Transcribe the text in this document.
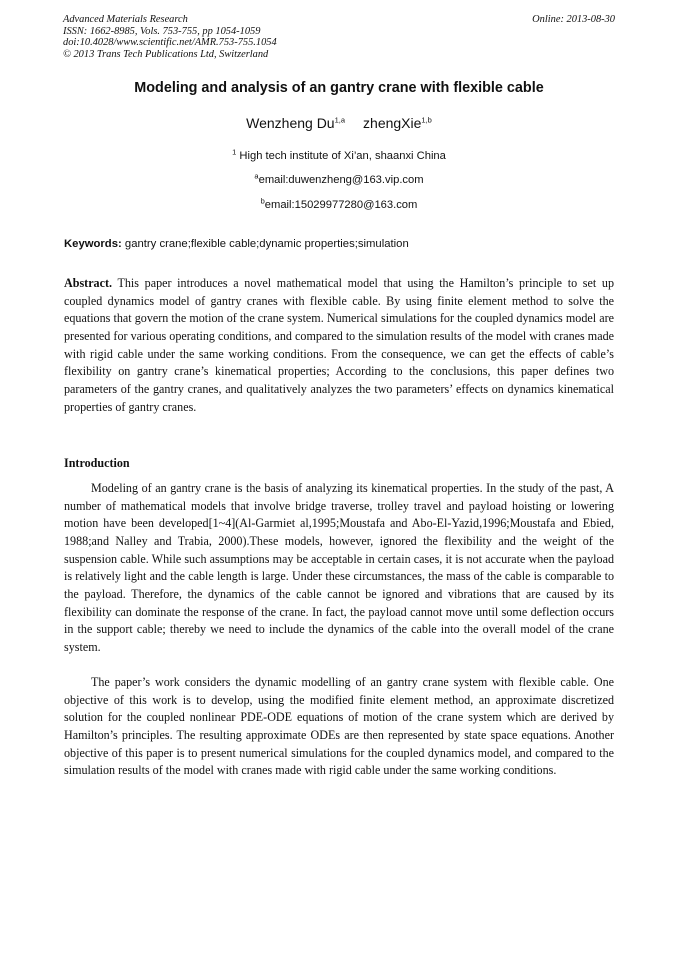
Advanced Materials Research
ISSN: 1662-8985, Vols. 753-755, pp 1054-1059
doi:10.4028/www.scientific.net/AMR.753-755.1054
© 2013 Trans Tech Publications Ltd, Switzerland
Online: 2013-08-30
Modeling and analysis of an gantry crane with flexible cable
Wenzheng Du$^{1,a}$ zhengXie$^{1,b}$
$^1$ High tech institute of Xi’an, shaanxi China
$^a$email:duwenzheng@163.vip.com
$^b$email:15029977280@163.com
Keywords: gantry crane;flexible cable;dynamic properties;simulation
Abstract. This paper introduces a novel mathematical model that using the Hamilton’s principle to set up coupled dynamics model of gantry cranes with flexible cable. By using finite element method to solve the equations that govern the motion of the crane system. Numerical simulations for the coupled dynamics model are presented for various operating conditions, and compared to the simulation results of the model with cranes made with rigid cable under the same working conditions. From the consequence, we can get the effects of cable’s flexibility on gantry crane’s kinematical properties; According to the conclusions, this paper defines two parameters of the gantry cranes, and qualitatively analyzes the two parameters’ effects on dynamics kinematical properties of gantry cranes.
Introduction
Modeling of an gantry crane is the basis of analyzing its kinematical properties. In the study of the past, A number of mathematical models that involve bridge traverse, trolley travel and payload hoisting or lowering motion have been developed[1~4](Al-Garmiet al,1995;Moustafa and Abo-El-Yazid,1996;Moustafa and Ebied, 1988;and Nalley and Trabia, 2000).These models, however, ignored the flexibility and the weight of the suspension cable. While such assumptions may be acceptable in certain cases, it is not accurate when the payload is relatively light and the cable length is large. Under these circumstances, the mass of the cable is comparable to the payload. Therefore, the dynamics of the cable cannot be ignored and vibrations that are caused by its flexibility can dominate the response of the crane. In fact, the payload cannot move until some deflection occurs in the support cable; thereby we need to include the dynamics of the cable into the overall model of the crane system.
The paper’s work considers the dynamic modelling of an gantry crane system with flexible cable. One objective of this work is to develop, using the modified finite element method, an approximate discretized solution for the coupled nonlinear PDE-ODE equations of motion of the crane system which are derived by Hamilton’s principles. The resulting approximate ODEs are then represented by state space equations. Another objective of this paper is to present numerical simulations for the coupled dynamics model, and compared to the simulation results of the model with cranes made with rigid cable under the same working conditions.
